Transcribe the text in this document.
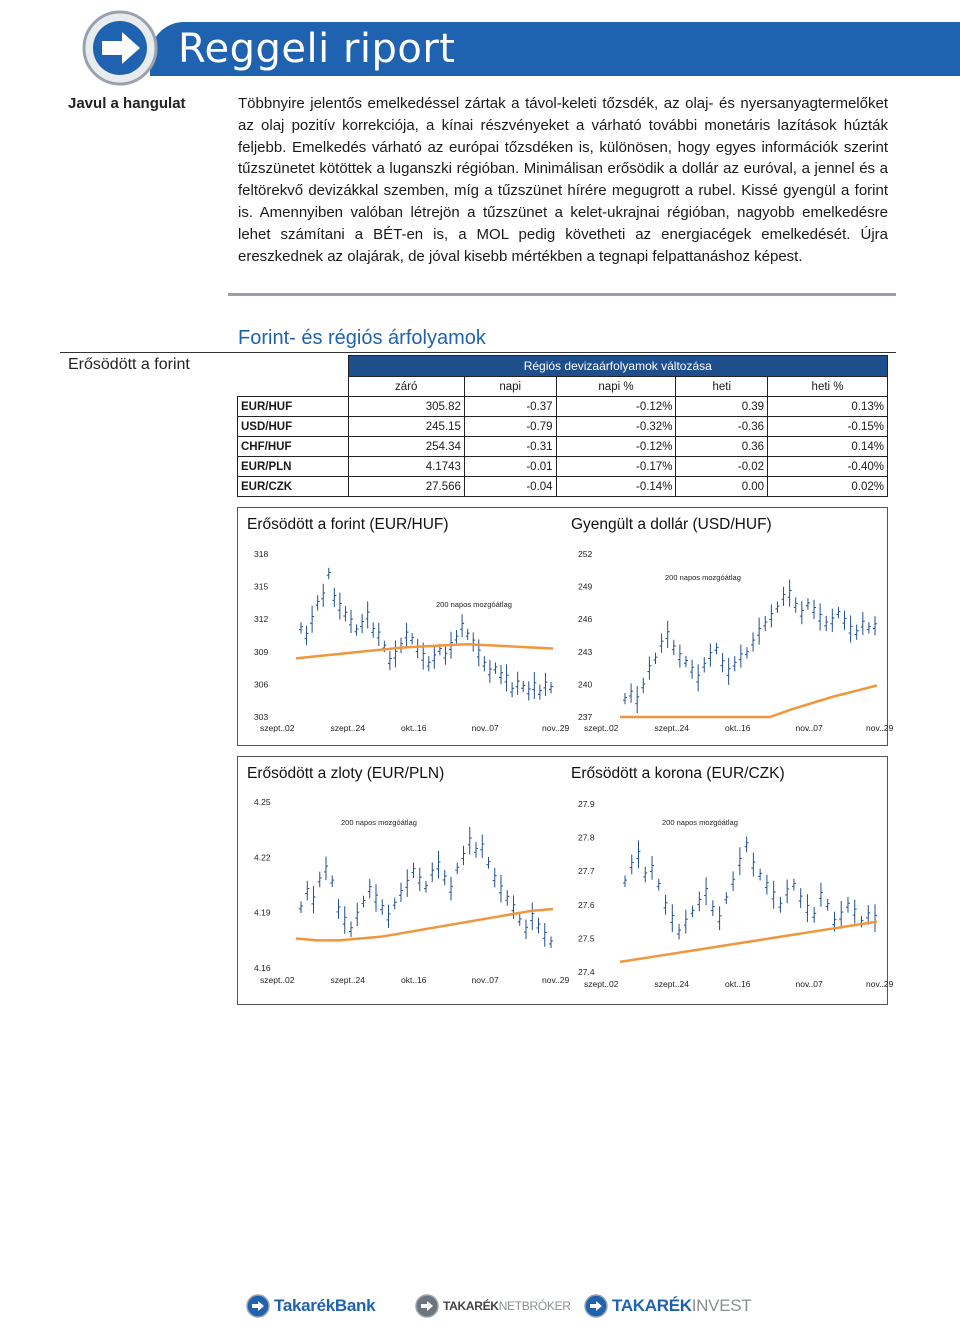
Reggeli riport
Javul a hangulat	Többnyire jelentős emelkedéssel zártak a távol-keleti tőzsdék, az olaj- és nyersanyagtermelőket az olaj pozitív korrekciója, a kínai részvényeket a várható további monetáris lazítások húzták feljebb. Emelkedés várható az európai tőzsdéken is, különösen, hogy egyes információk szerint tűzszünetet kötöttek a luganszki régióban. Minimálisan erősödik a dollár az euróval, a jennel és a feltörekvő devizákkal szemben, míg a tűzszünet hírére megugrott a rubel. Kissé gyengül a forint is. Amennyiben valóban létrejön a tűzszünet a kelet-ukrajnai régióban, nagyobb emelkedésre lehet számítani a BÉT-en is, a MOL pedig követheti az energiacégek emelkedését. Újra ereszkednek az olajárak, de jóval kisebb mértékben a tegnapi felpattanáshoz képest.
Forint- és régiós árfolyamok
Erősödött a forint
		Régiós devizaárfolyamok változása				
	záró	napi	napi %	heti	heti %
EUR/HUF	305.82	-0.37	-0.12%	0.39	0.13%
USD/HUF	245.15	-0.79	-0.32%	-0.36	-0.15%
CHF/HUF	254.34	-0.31	-0.12%	0.36	0.14%
EUR/PLN	4.1743	-0.01	-0.17%	-0.02	-0.40%
EUR/CZK	27.566	-0.04	-0.14%	0.00	0.02%
Erősödött a forint (EUR/HUF)	Gyengült a dollár (USD/HUF)
Erősödött a zloty (EUR/PLN)	Erősödött a korona (EUR/CZK)
318
315
312
309
306
303
szept..02	szept..24	okt..16	nov..07	nov..29
200 napos mozgóátlag
252
249
246
243
240
237
szept..02	szept..24	okt..16	nov..07	nov..29
200 napos mozgóátlag
4.25
4.22
4.19
4.16
szept..02	szept..24	okt..16	nov..07	nov..29
200 napos mozgóátlag
27.9
27.8
27.7
27.6
27.5
27.4
szept..02	szept..24	okt..16	nov..07	nov..29
200 napos mozgóátlag
TakarékBank	TAKARÉKNETBRÓKER TAKARÉKINVEST
